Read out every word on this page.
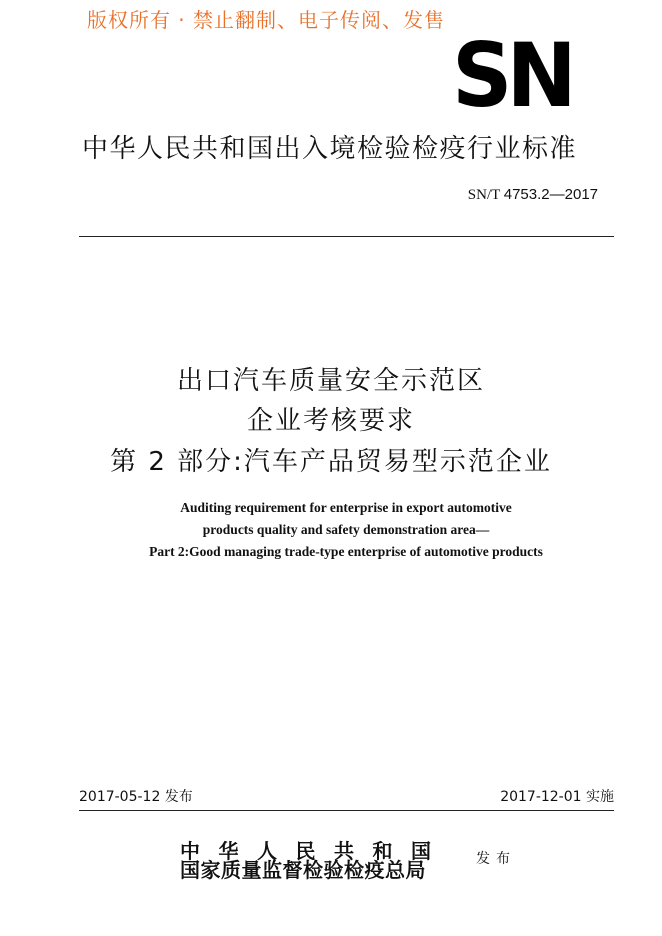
版权所有 · 禁止翻制、电子传阅、发售
SN
中华人民共和国出入境检验检疫行业标准
SN/T 4753.2—2017
出口汽车质量安全示范区
企业考核要求
第 2 部分:汽车产品贸易型示范企业
Auditing requirement for enterprise in export automotive
products quality and safety demonstration area—
Part 2:Good managing trade-type enterprise of automotive products
2017-05-12 发布	2017-12-01 实施
中华人民共和国
国家质量监督检验检疫总局	发布
